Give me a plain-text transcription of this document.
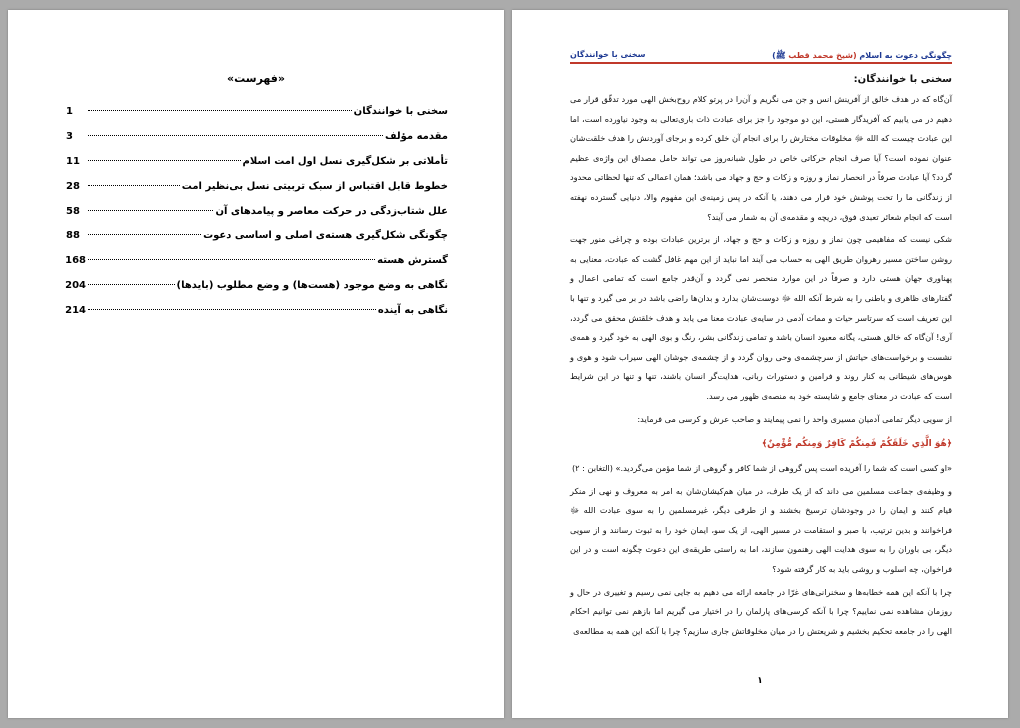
«فهرست»
سخنی با خوانندگان
1
مقدمه مؤلف
3
تأملاتی بر شکل‌گیری نسل اول امت اسلام
11
خطوط قابل اقتباس از سبک تربیتی نسل بی‌نظیر امت
28
علل شتاب‌زدگی در حرکت معاصر و پیامدهای آن
58
چگونگی شکل‌گیری هسته‌ی اصلی و اساسی دعوت
88
گسترش هسته
168
نگاهی به وضع موجود (هست‌ها) و وضع مطلوب (بایدها)
204
نگاهی به آینده
214
چگونگی دعوت به اسلام (شیخ محمد قطب ﷺ)
سخنی با خوانندگان
سخنی با خوانندگان:

آن‌گاه که در هدف خالق از آفرینش انس و جن می نگریم و آن‌را در پرتو کلام روح‌بخش الهی مورد تدقّق قرار می دهیم در می یابیم که آفریدگار هستی، این دو موجود را جز برای عبادت ذات باری‌تعالی به وجود نیاورده است، اما این عبادت چیست که الله ﷻ مخلوقات مختارش را برای انجام آن خلق کرده و برجای آوردنش را هدف خلقت‌شان عنوان نموده است؟ آیا صرف انجام حرکاتی خاص در طول شبانه‌روز می تواند حامل مصداق این واژه‌ی عظیم گردد؟ آیا عبادت صرفاً در انحصار نماز و روزه و زکات و حج و جهاد می باشد؛ همان اعمالی که تنها لحظاتی محدود از زندگانی ما را تحت پوشش خود قرار می دهند، یا آنکه در پس زمینه‌ی این مفهوم والا، دنیایی گسترده نهفته است که انجام شعائر تعبدی فوق، دریچه و مقدمه‌ی آن به شمار می آیند؟

شکی نیست که مفاهیمی چون نماز و روزه و زکات و حج و جهاد، از برترین عبادات بوده و چراغی منور جهت روشن ساختن مسیر رهروان طریق الهی به حساب می آیند اما نباید از این مهم غافل گشت که عبادت، معنایی به پهناوری جهان هستی دارد و صرفاً در این موارد منحصر نمی گردد و آن‌قدر جامع است که تمامی اعمال و گفتارهای ظاهری و باطنی را به شرط آنکه الله ﷻ دوست‌شان بدارد و بدان‌ها راضی باشد در بر می گیرد و تنها با این تعریف است که سرتاسر حیات و ممات آدمی در سایه‌ی عبادت معنا می یابد و هدف خلقتش محقق می گردد، آری! آن‌گاه که خالق هستی، یگانه معبود انسان باشد و تمامی زندگانی بشر، رنگ و بوی الهی به خود گیرد و همه‌ی نشست و برخواست‌های حیاتش از سرچشمه‌ی وحی روان گردد و از چشمه‌ی جوشان الهی سیراب شود و هوی و هوس‌های شیطانی به کنار روند و فرامین و دستورات ربانی، هدایت‌گر انسان باشند، تنها و تنها در این شرایط است که عبادت در معنای جامع و شایسته خود به منصه‌ی ظهور می رسد.

از سویی دیگر تمامی آدمیان مسیری واحد را نمی پیمایند و صاحب عرش و کرسی می فرماید:

﴿هُوَ الَّذِي خَلَقَكُمْ فَمِنكُمْ كَافِرٌ وَمِنكُم مُّؤْمِنٌ﴾

«او کسی است که شما را آفریده است پس گروهی از شما کافر و گروهی از شما مؤمن می‌گردید.» (التغابن : ۲)

و وظیفه‌ی جماعت مسلمین می داند که از یک طرف، در میان هم‌کیشان‌شان به امر به معروف و نهی از منکر قیام کنند و ایمان را در وجودشان ترسیخ بخشند و از طرفی دیگر، غیرمسلمین را به سوی عبادت الله ﷻ فراخوانند و بدین ترتیب، با صبر و استقامت در مسیر الهی، از یک سو، ایمان خود را به ثبوت رسانند و از سویی دیگر، بی باوران را به سوی هدایت الهی رهنمون سازند، اما به راستی طریقه‌ی این دعوت چگونه است و در این فراخوان، چه اسلوب و روشی باید به کار گرفته شود؟

چرا با آنکه این همه خطابه‌ها و سخنرانی‌های غرّا در جامعه ارائه می دهیم به جایی نمی رسیم و تغییری در حال و روزمان مشاهده نمی نماییم؟ چرا با آنکه کرسی‌های پارلمان را در اختیار می گیریم اما بازهم نمی توانیم احکام الهی را در جامعه تحکیم بخشیم و شریعتش را در میان مخلوقاتش جاری سازیم؟ چرا با آنکه این همه به مطالعه‌ی

۱
